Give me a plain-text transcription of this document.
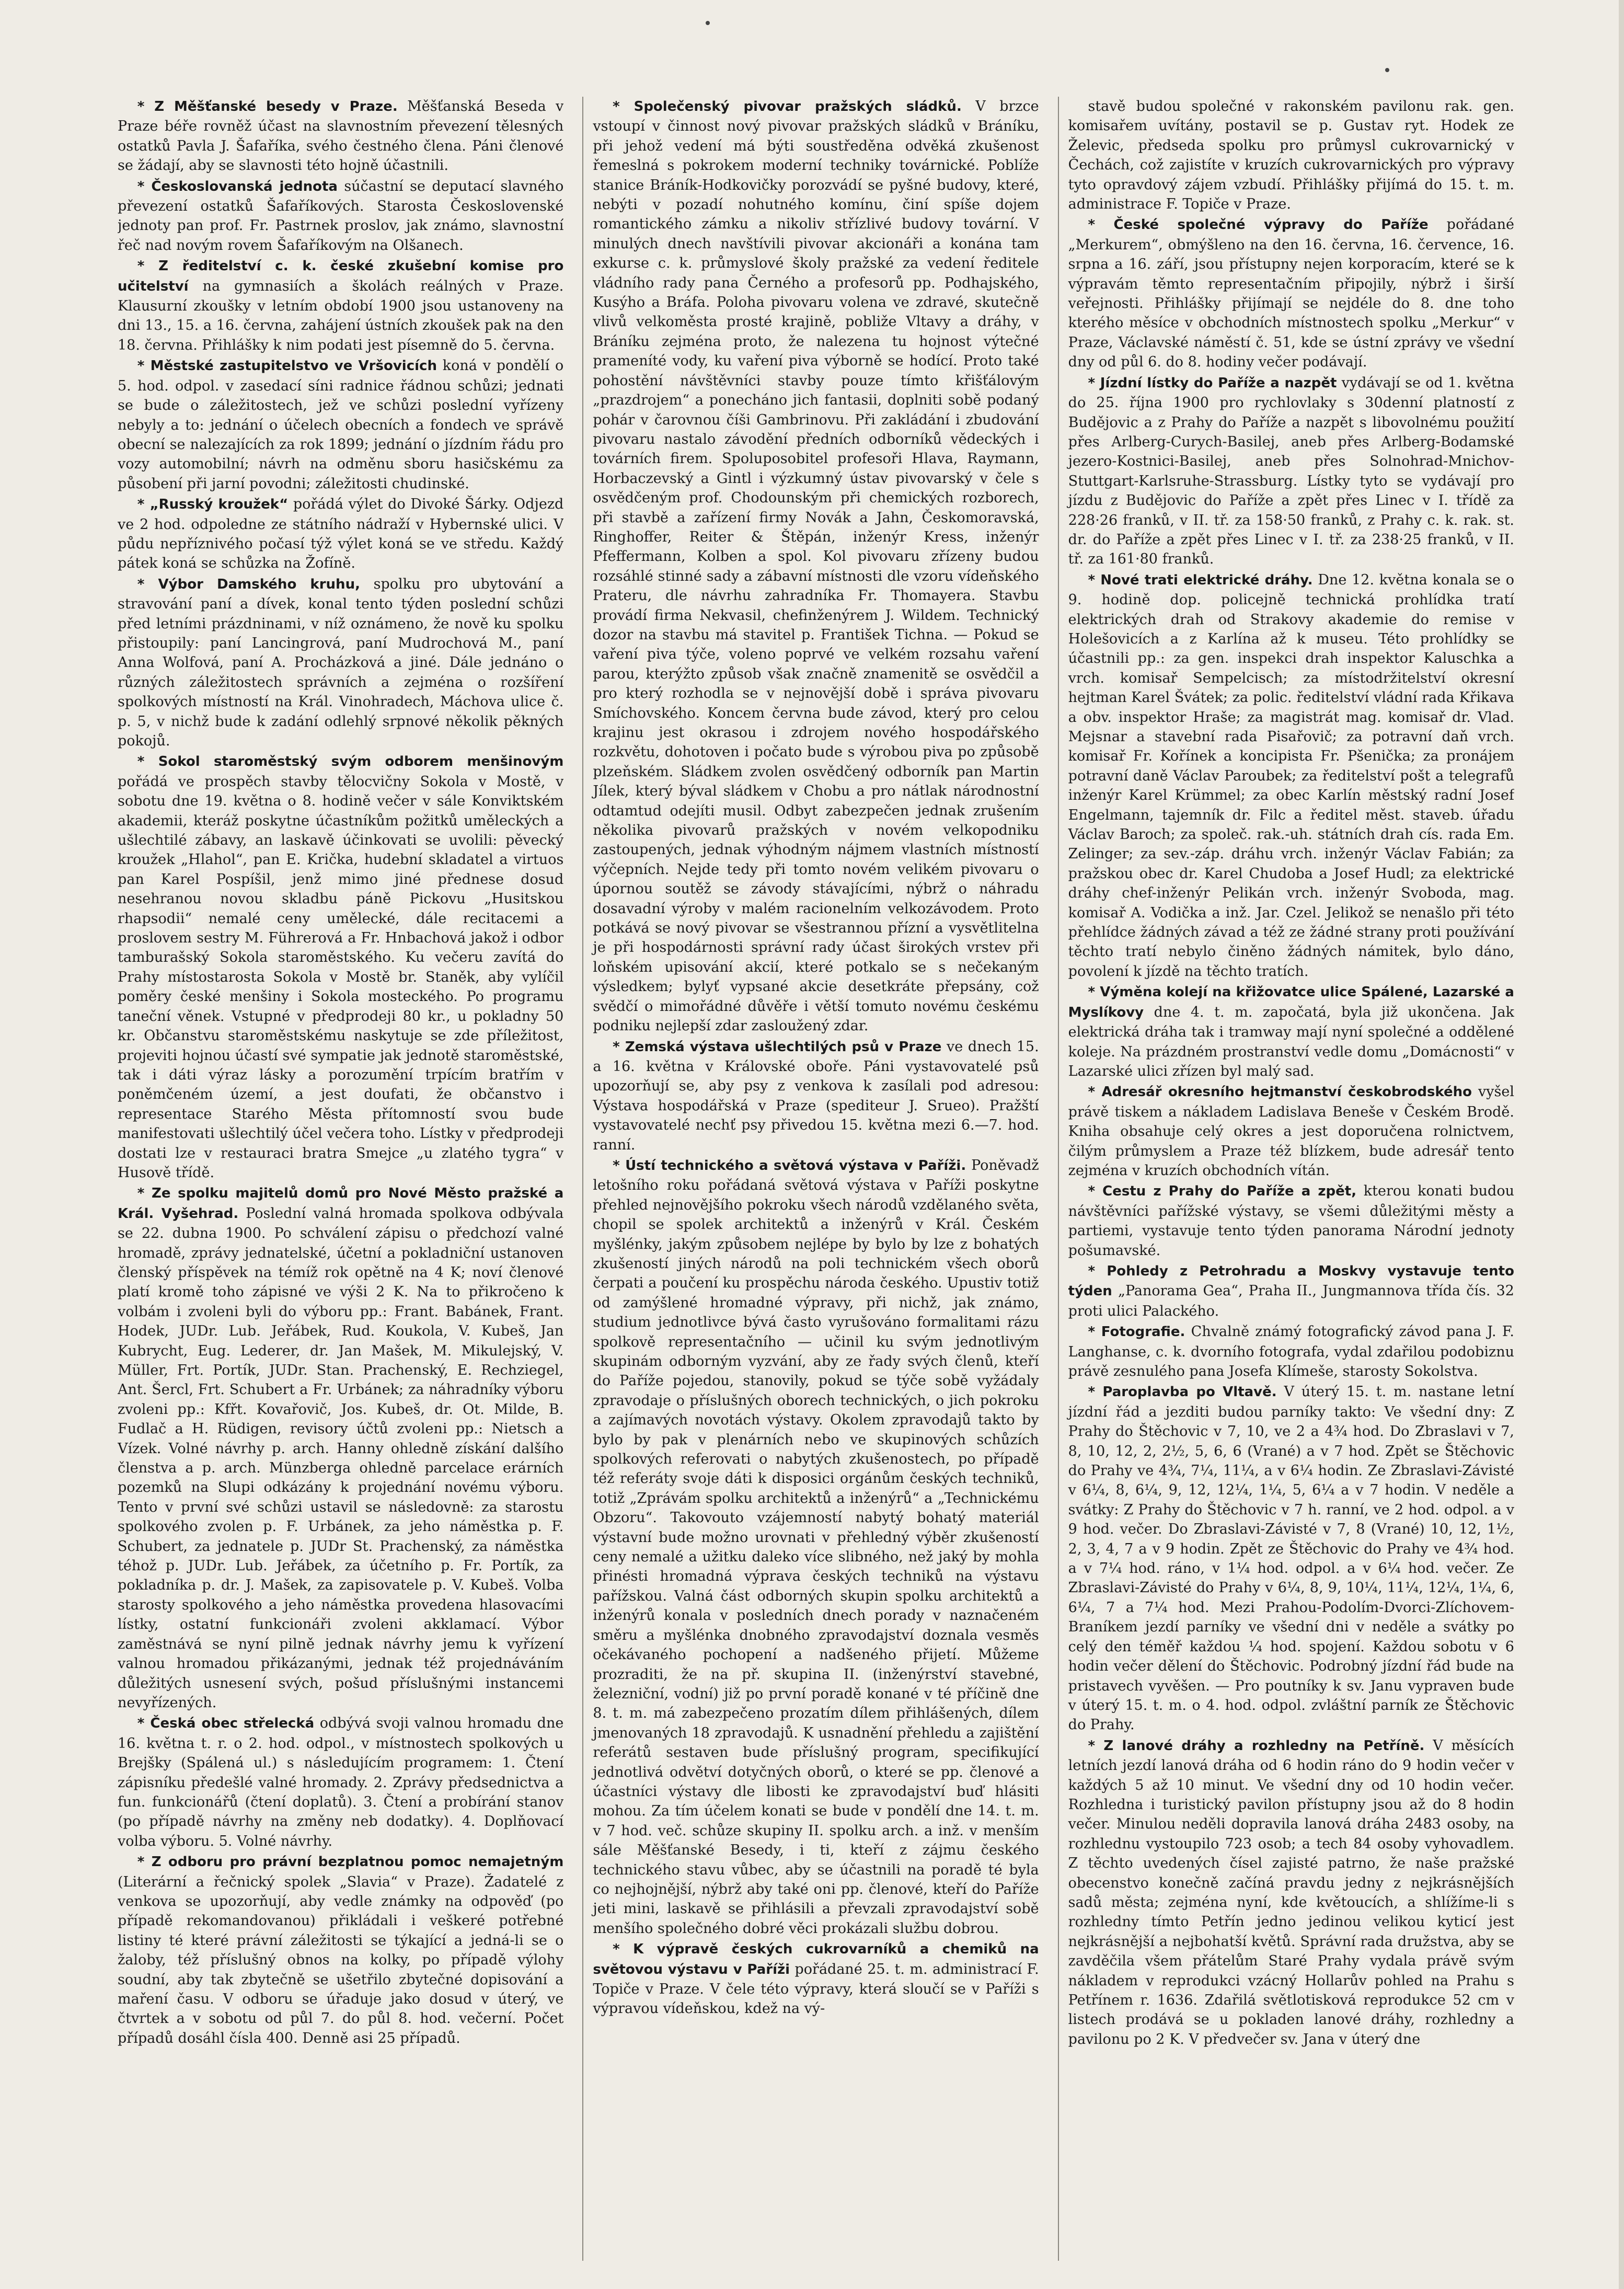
* Z Měšťanské besedy v Praze. Měšťanská Beseda v Praze béře rovněž účast na slavnostním převezení tělesných ostatků Pavla J. Šafaříka, svého čestného člena. Páni členové se žádají, aby se slavnosti této hojně účastnili.

* Českoslovanská jednota súčastní se deputací slavného převezení ostatků Šafaříkových. Starosta Československé jednoty pan prof. Fr. Pastrnek proslov, jak známo, slavnostní řeč nad novým rovem Šafaříkovým na Olšanech.

* Z ředitelství c. k. české zkušební komise pro učitelství na gymnasiích a školách reálných v Praze. Klausurní zkoušky v letním období 1900 jsou ustanoveny na dni 13., 15. a 16. června, zahájení ústních zkoušek pak na den 18. června. Přihlášky k nim podati jest písemně do 5. června.

* Městské zastupitelstvo ve Vršovicích koná v pondělí o 5. hod. odpol. v zasedací síni radnice řádnou schůzi; jednati se bude o záležitostech, jež ve schůzi poslední vyřízeny nebyly a to: jednání o účelech obecních a fondech ve správě obecní se nalezajících za rok 1899; jednání o jízdním řádu pro vozy automobilní; návrh na odměnu sboru hasičskému za působení při jarní povodni; záležitosti chudinské.

* „Russký kroužek“ pořádá výlet do Divoké Šárky. Odjezd ve 2 hod. odpoledne ze státního nádraží v Hybernské ulici. V půdu nepříznivého počasí týž výlet koná se ve středu. Každý pátek koná se schůzka na Žofíně.

* Výbor Damského kruhu, spolku pro ubytování a stravování paní a dívek, konal tento týden poslední schůzi před letními prázdninami, v níž oznámeno, že nově ku spolku přistoupily: paní Lancingrová, paní Mudrochová M., paní Anna Wolfová, paní A. Procházková a jiné. Dále jednáno o různých záležitostech správních a zejména o rozšíření spolkových místností na Král. Vinohradech, Máchova ulice č. p. 5, v nichž bude k zadání odlehlý srpnové několik pěkných pokojů.

* Sokol staroměstský svým odborem menšinovým pořádá ve prospěch stavby tělocvičny Sokola v Mostě, v sobotu dne 19. května o 8. hodině večer v sále Konviktském akademii, kteráž poskytne účastníkům požitků uměleckých a ušlechtilé zábavy, an laskavě účinkovati se uvolili: pěvecký kroužek „Hlahol“, pan E. Krička, hudební skladatel a virtuos pan Karel Pospíšil, jenž mimo jiné přednese dosud nesehranou novou skladbu páně Pickovu „Husitskou rhapsodii“ nemalé ceny umělecké, dále recitacemi a proslovem sestry M. Führerová a Fr. Hnbachová jakož i odbor tamburašský Sokola staroměstského. Ku večeru zavítá do Prahy místostarosta Sokola v Mostě br. Staněk, aby vylíčil poměry české menšiny i Sokola mosteckého. Po programu taneční věnek. Vstupné v předprodeji 80 kr., u pokladny 50 kr. Občanstvu staroměstskému naskytuje se zde příležitost, projeviti hojnou účastí své sympatie jak jednotě staroměstské, tak i dáti výraz lásky a porozumění trpícím bratřím v poněmčeném území, a jest doufati, že občanstvo i representace Starého Města přítomností svou bude manifestovati ušlechtilý účel večera toho. Lístky v předprodeji dostati lze v restauraci bratra Smejce „u zlatého tygra“ v Husově třídě.

* Ze spolku majitelů domů pro Nové Město pražské a Král. Vyšehrad. Poslední valná hromada spolkova odbývala se 22. dubna 1900. Po schválení zápisu o předchozí valné hromadě, zprávy jednatelské, účetní a pokladniční ustanoven členský příspěvek na témíž rok opětně na 4 K; noví členové platí kromě toho zápisné ve výši 2 K. Na to přikročeno k volbám i zvoleni byli do výboru pp.: Frant. Babánek, Frant. Hodek, JUDr. Lub. Jeřábek, Rud. Koukola, V. Kubeš, Jan Kubrycht, Eug. Lederer, dr. Jan Mašek, M. Mikulejský, V. Müller, Frt. Portík, JUDr. Stan. Prachenský, E. Rechziegel, Ant. Šercl, Frt. Schubert a Fr. Urbánek; za náhradníky výboru zvoleni pp.: Kfřt. Kovařovič, Jos. Kubeš, dr. Ot. Milde, B. Fudlač a H. Rüdigen, revisory účtů zvoleni pp.: Nietsch a Vízek. Volné návrhy p. arch. Hanny ohledně získání dalšího členstva a p. arch. Münzberga ohledně parcelace erárních pozemků na Slupi odkázány k projednání novému výboru. Tento v první své schůzi ustavil se následovně: za starostu spolkového zvolen p. F. Urbánek, za jeho náměstka p. F. Schubert, za jednatele p. JUDr St. Prachenský, za náměstka téhož p. JUDr. Lub. Jeřábek, za účetního p. Fr. Portík, za pokladníka p. dr. J. Mašek, za zapisovatele p. V. Kubeš. Volba starosty spolkového a jeho náměstka provedena hlasovacími lístky, ostatní funkcionáři zvoleni akklamací. Výbor zaměstnává se nyní pilně jednak návrhy jemu k vyřízení valnou hromadou přikázanými, jednak též projednáváním důležitých usnesení svých, pošud příslušnými instancemi nevyřízených.

* Česká obec střelecká odbývá svoji valnou hromadu dne 16. května t. r. o 2. hod. odpol., v místnostech spolkových u Brejšky (Spálená ul.) s následujícím programem: 1. Čtení zápisníku předešlé valné hromady. 2. Zprávy předsednictva a fun. funkcionářů (čtení doplatů). 3. Čtení a probírání stanov (po případě návrhy na změny neb dodatky). 4. Doplňovací volba výboru. 5. Volné návrhy.

* Z odboru pro právní bezplatnou pomoc nemajetným (Literární a řečnický spolek „Slavia“ v Praze). Žadatelé z venkova se upozorňují, aby vedle známky na odpověď (po případě rekomandovanou) přikládali i veškeré potřebné listiny té které právní záležitosti se týkající a jedná-li se o žaloby, též příslušný obnos na kolky, po případě výlohy soudní, aby tak zbytečně se ušetřilo zbytečné dopisování a maření času. V odboru se úřaduje jako dosud v úterý, ve čtvrtek a v sobotu od půl 7. do půl 8. hod. večerní. Počet případů dosáhl čísla 400. Denně asi 25 případů.

* Společenský pivovar pražských sládků. V brzce vstoupí v činnost nový pivovar pražských sládků v Bráníku, při jehož vedení má býti soustředěna odvěká zkušenost řemeslná s pokrokem moderní techniky továrnické. Poblíže stanice Bráník-Hodkovičky porozvádí se pyšné budovy, které, nebýti v pozadí nohutného komínu, činí spíše dojem romantického zámku a nikoliv střízlivé budovy tovární. V minulých dnech navštívili pivovar akcionáři a konána tam exkurse c. k. průmyslové školy pražské za vedení ředitele vládního rady pana Černého a profesorů pp. Podhajského, Kusýho a Bráfa. Poloha pivovaru volena ve zdravé, skutečně vlivů velkoměsta prosté krajině, pobliže Vltavy a dráhy, v Bráníku zejména proto, že nalezena tu hojnost výtečné prameníté vody, ku vaření piva výborně se hodící. Proto také pohostění návštěvníci stavby pouze tímto křišťálovým „prazdrojem“ a ponecháno jich fantasii, doplniti sobě podaný pohár v čarovnou číši Gambrinovu. Při zakládání i zbudování pivovaru nastalo závodění předních odborníků vědeckých i továrních firem. Spoluposobitel profesoři Hlava, Raymann, Horbaczevský a Gintl i výzkumný ústav pivovarský v čele s osvědčeným prof. Chodounským při chemických rozborech, při stavbě a zařízení firmy Novák a Jahn, Českomoravská, Ringhoffer, Reiter & Štěpán, inženýr Kress, inženýr Pfeffermann, Kolben a spol. Kol pivovaru zřízeny budou rozsáhlé stinné sady a zábavní místnosti dle vzoru vídeňského Prateru, dle návrhu zahradníka Fr. Thomayera. Stavbu provádí firma Nekvasil, chefinženýrem J. Wildem. Technický dozor na stavbu má stavitel p. František Tichna. — Pokud se vaření piva týče, voleno poprvé ve velkém rozsahu vaření parou, kterýžto způsob však značně znamenitě se osvědčil a pro který rozhodla se v nejnovější době i správa pivovaru Smíchovského. Koncem června bude závod, který pro celou krajinu jest okrasou i zdrojem nového hospodářského rozkvětu, dohotoven i počato bude s výrobou piva po způsobě plzeňském. Sládkem zvolen osvědčený odborník pan Martin Jílek, který býval sládkem v Chobu a pro nátlak národnostní odtamtud odejíti musil. Odbyt zabezpečen jednak zrušením několika pivovarů pražských v novém velkopodniku zastoupených, jednak výhodným nájmem vlastních místností výčepních. Nejde tedy při tomto novém velikém pivovaru o úpornou soutěž se závody stávajícími, nýbrž o náhradu dosavadní výroby v malém racionelním velkozávodem. Proto potkává se nový pivovar se všestrannou přízní a vysvětlitelna je při hospodárnosti správní rady účast širokých vrstev při loňském upisování akcií, které potkalo se s nečekaným výsledkem; bylyť vypsané akcie desetkráte přepsány, což svědčí o mimořádné důvěře i větší tomuto novému českému podniku nejlepší zdar zasloužený zdar.

* Zemská výstava ušlechtilých psů v Praze ve dnech 15. a 16. května v Královské oboře. Páni vystavovatelé psů upozorňují se, aby psy z venkova k zasílali pod adresou: Výstava hospodářská v Praze (spediteur J. Srueo). Pražští vystavovatelé nechť psy přivedou 15. května mezi 6.—7. hod. ranní.

* Ústí technického a světová výstava v Paříži. Poněvadž letošního roku pořádaná světová výstava v Paříži poskytne přehled nejnovějšího pokroku všech národů vzdělaného světa, chopil se spolek architektů a inženýrů v Král. Českém myšlénky, jakým způsobem nejlépe by bylo by lze z bohatých zkušeností jiných národů na poli technickém všech oborů čerpati a poučení ku prospěchu národa českého. Upustiv totiž od zamýšlené hromadné výpravy, při nichž, jak známo, studium jednotlivce bývá často vyrušováno formalitami rázu spolkově representačního — učinil ku svým jednotlivým skupinám odborným vyzvání, aby ze řady svých členů, kteří do Paříže pojedou, stanovily, pokud se týče sobě vyžádaly zpravodaje o příslušných oborech technických, o jich pokroku a zajímavých novotách výstavy. Okolem zpravodajů takto by bylo by pak v plenárních nebo ve skupinových schůzích spolkových referovati o nabytých zkušenostech, po případě též referáty svoje dáti k disposici orgánům českých techniků, totiž „Zprávám spolku architektů a inženýrů“ a „Technickému Obzoru“. Takovouto vzájemností nabytý bohatý materiál výstavní bude možno urovnati v přehledný výběr zkušeností ceny nemalé a užitku daleko více slibného, než jaký by mohla přinésti hromadná výprava českých techniků na výstavu pařížskou. Valná část odborných skupin spolku architektů a inženýrů konala v posledních dnech porady v naznačeném směru a myšlénka dnobného zpravodajství doznala vesměs očekávaného pochopení a nadšeného přijetí. Můžeme prozraditi, že na př. skupina II. (inženýrství stavebné, železniční, vodní) již po první poradě konané v té příčině dne 8. t. m. má zabezpečeno prozatím dílem přihlášených, dílem jmenovaných 18 zpravodajů. K usnadnění přehledu a zajištění referátů sestaven bude příslušný program, specifikující jednotlivá odvětví dotyčných oborů, o které se pp. členové a účastníci výstavy dle libosti ke zpravodajství buď hlásiti mohou. Za tím účelem konati se bude v pondělí dne 14. t. m. v 7 hod. več. schůze skupiny II. spolku arch. a inž. v menším sále Měšťanské Besedy, i ti, kteří z zájmu českého technického stavu vůbec, aby se účastnili na poradě té byla co nejhojnější, nýbrž aby také oni pp. členové, kteří do Paříže jeti mini, laskavě se přihlásili a převzali zpravodajství sobě menšího společného dobré věci prokázali službu dobrou.

* K výpravě českých cukrovarníků a chemiků na světovou výstavu v Paříži pořádané 25. t. m. administrací F. Topiče v Praze. V čele této výpravy, která sloučí se v Paříži s výpravou vídeňskou, kdež na vý-

stavě budou společné v rakonském pavilonu rak. gen. komisařem uvítány, postavil se p. Gustav ryt. Hodek ze Želevic, předseda spolku pro průmysl cukrovarnický v Čechách, což zajistíte v kruzích cukrovarnických pro výpravy tyto opravdový zájem vzbudí. Přihlášky přijímá do 15. t. m. administrace F. Topiče v Praze.

* České společné výpravy do Paříže pořádané „Merkurem“, obmýšleno na den 16. června, 16. července, 16. srpna a 16. září, jsou přístupny nejen korporacím, které se k výpravám těmto representačním připojily, nýbrž i širší veřejnosti. Přihlášky přijímají se nejdéle do 8. dne toho kterého měsíce v obchodních místnostech spolku „Merkur“ v Praze, Václavské náměstí č. 51, kde se ústní zprávy ve všední dny od půl 6. do 8. hodiny večer podávají.

* Jízdní lístky do Paříže a nazpět vydávají se od 1. května do 25. října 1900 pro rychlovlaky s 30denní platností z Budějovic a z Prahy do Paříže a nazpět s libovolnému použití přes Arlberg-Curych-Basilej, aneb přes Arlberg-Bodamské jezero-Kostnici-Basilej, aneb přes Solnohrad-Mnichov-Stuttgart-Karlsruhe-Strassburg. Lístky tyto se vydávají pro jízdu z Budějovic do Paříže a zpět přes Linec v I. třídě za 228·26 franků, v II. tř. za 158·50 franků, z Prahy c. k. rak. st. dr. do Paříže a zpět přes Linec v I. tř. za 238·25 franků, v II. tř. za 161·80 franků.

* Nové trati elektrické dráhy. Dne 12. května konala se o 9. hodině dop. policejně technická prohlídka tratí elektrických drah od Strakovy akademie do remise v Holešovicích a z Karlína až k museu. Této prohlídky se účastnili pp.: za gen. inspekci drah inspektor Kaluschka a vrch. komisař Sempelcisch; za místodržitelství okresní hejtman Karel Švátek; za polic. ředitelství vládní rada Křikava a obv. inspektor Hraše; za magistrát mag. komisař dr. Vlad. Mejsnar a stavební rada Pisařovič; za potravní daň vrch. komisař Fr. Kořínek a koncipista Fr. Pšenička; za pronájem potravní daně Václav Paroubek; za ředitelství pošt a telegrafů inženýr Karel Krümmel; za obec Karlín městský radní Josef Engelmann, tajemník dr. Filc a ředitel měst. staveb. úřadu Václav Baroch; za společ. rak.-uh. státních drah cís. rada Em. Zelinger; za sev.-záp. dráhu vrch. inženýr Václav Fabián; za pražskou obec dr. Karel Chudoba a Josef Hudl; za elektrické dráhy chef-inženýr Pelikán vrch. inženýr Svoboda, mag. komisař A. Vodička a inž. Jar. Czel. Jelikož se nenašlo při této přehlídce žádných závad a též ze žádné strany proti používání těchto tratí nebylo činěno žádných námitek, bylo dáno, povolení k jízdě na těchto tratích.

* Výměna kolejí na křižovatce ulice Spálené, Lazarské a Myslíkovy dne 4. t. m. započatá, byla již ukončena. Jak elektrická dráha tak i tramway mají nyní společné a oddělené koleje. Na prázdném prostranství vedle domu „Domácnosti“ v Lazarské ulici zřízen byl malý sad.

* Adresář okresního hejtmanství českobrodského vyšel právě tiskem a nákladem Ladislava Beneše v Českém Brodě. Kniha obsahuje celý okres a jest doporučena rolnictvem, čilým průmyslem a Praze též blízkem, bude adresář tento zejména v kruzích obchodních vítán.

* Cestu z Prahy do Paříže a zpět, kterou konati budou návštěvníci pařížské výstavy, se všemi důležitými městy a partiemi, vystavuje tento týden panorama Národní jednoty pošumavské.

* Pohledy z Petrohradu a Moskvy vystavuje tento týden „Panorama Gea“, Praha II., Jungmannova třída čís. 32 proti ulici Palackého.

* Fotografie. Chvalně známý fotografický závod pana J. F. Langhanse, c. k. dvorního fotografa, vydal zdařilou podobiznu právě zesnulého pana Josefa Klímeše, starosty Sokolstva.

* Paroplavba po Vltavě. V úterý 15. t. m. nastane letní jízdní řád a jezditi budou parníky takto: Ve všední dny: Z Prahy do Štěchovic v 7, 10, ve 2 a 4¾ hod. Do Zbraslavi v 7, 8, 10, 12, 2, 2½, 5, 6, 6 (Vrané) a v 7 hod. Zpět se Štěchovic do Prahy ve 4¾, 7¼, 11¼, a v 6¼ hodin. Ze Zbraslavi-Závisté v 6¼, 8, 6¼, 9, 12, 12¼, 1¼, 5, 6¼ a v 7 hodin. V neděle a svátky: Z Prahy do Štěchovic v 7 h. ranní, ve 2 hod. odpol. a v 9 hod. večer. Do Zbraslavi-Závisté v 7, 8 (Vrané) 10, 12, 1½, 2, 3, 4, 7 a v 9 hodin. Zpět ze Štěchovic do Prahy ve 4¾ hod. a v 7¼ hod. ráno, v 1¼ hod. odpol. a v 6¼ hod. večer. Ze Zbraslavi-Závisté do Prahy v 6¼, 8, 9, 10¼, 11¼, 12¼, 1¼, 6, 6¼, 7 a 7¼ hod. Mezi Prahou-Podolím-Dvorci-Zlíchovem-Braníkem jezdí parníky ve všední dni v neděle a svátky po celý den téměř každou ¼ hod. spojení. Každou sobotu v 6 hodin večer dělení do Štěchovic. Podrobný jízdní řád bude na pristavech vyvěšen. — Pro poutníky k sv. Janu vypraven bude v úterý 15. t. m. o 4. hod. odpol. zvláštní parník ze Štěchovic do Prahy.

* Z lanové dráhy a rozhledny na Petříně. V měsících letních jezdí lanová dráha od 6 hodin ráno do 9 hodin večer v každých 5 až 10 minut. Ve všední dny od 10 hodin večer. Rozhledna i turistický pavilon přístupny jsou až do 8 hodin večer. Minulou neděli dopravila lanová dráha 2483 osoby, na rozhlednu vystoupilo 723 osob; a tech 84 osoby vyhovadlem. Z těchto uvedených čísel zajisté patrno, že naše pražské obecenstvo konečně začíná pravdu jedny z nejkrásnějších sadů města; zejména nyní, kde květoucích, a shlížíme-li s rozhledny tímto Petřín jedno jedinou velikou kyticí jest nejkrásnější a nejbohatší květů. Správní rada družstva, aby se zavděčila všem přátelům Staré Prahy vydala právě svým nákladem v reprodukci vzácný Hollarův pohled na Prahu s Petřínem r. 1636. Zdařilá světlotisková reprodukce 52 cm v listech prodává se u pokladen lanové dráhy, rozhledny a pavilonu po 2 K. V předvečer sv. Jana v úterý dne
